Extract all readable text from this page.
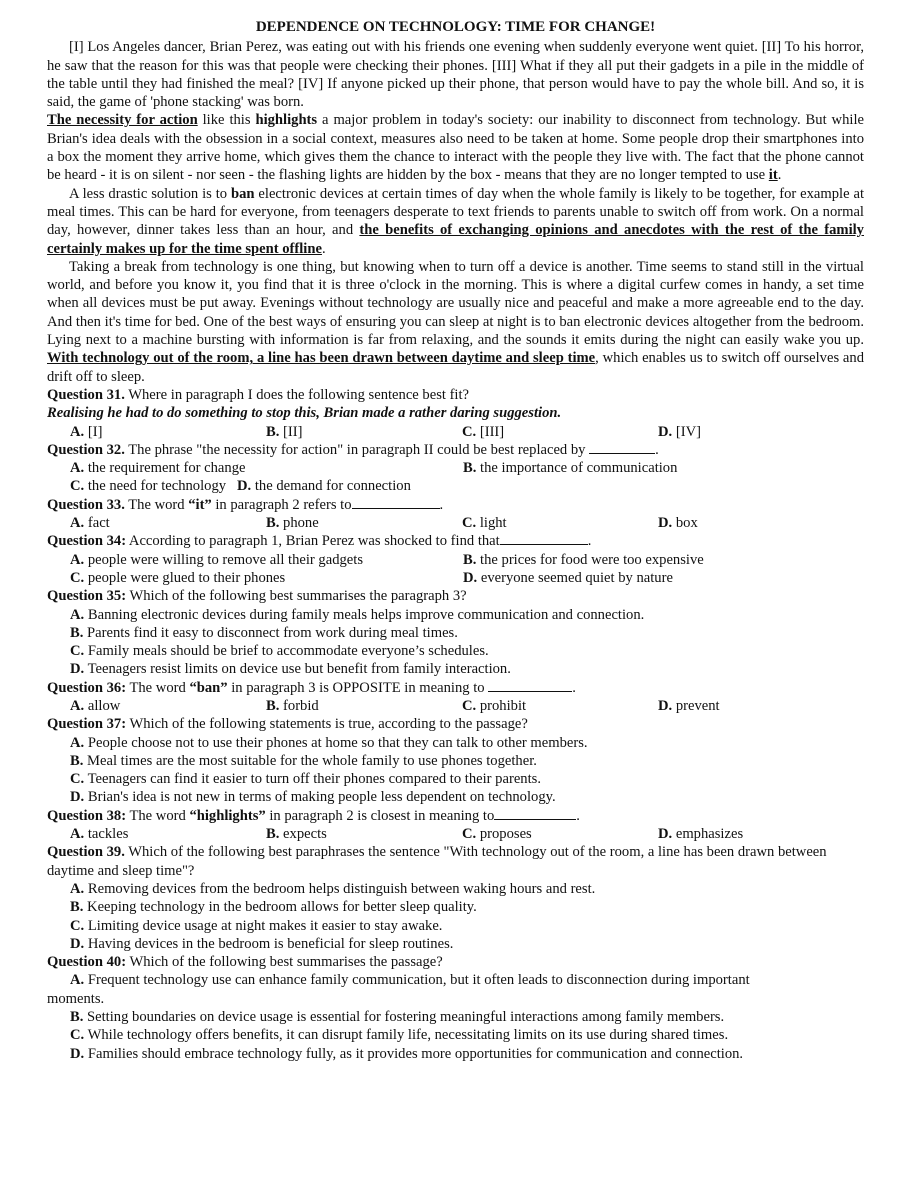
DEPENDENCE ON TECHNOLOGY: TIME FOR CHANGE!

[I] Los Angeles dancer, Brian Perez, was eating out with his friends one evening when suddenly everyone went quiet. [II] To his horror, he saw that the reason for this was that people were checking their phones. [III] What if they all put their gadgets in a pile in the middle of the table until they had finished the meal? [IV] If anyone picked up their phone, that person would have to pay the whole bill. And so, it is said, the game of 'phone stacking' was born.

The necessity for action like this highlights a major problem in today's society: our inability to disconnect from technology. But while Brian's idea deals with the obsession in a social context, measures also need to be taken at home. Some people drop their smartphones into a box the moment they arrive home, which gives them the chance to interact with the people they live with. The fact that the phone cannot be heard - it is on silent - nor seen - the flashing lights are hidden by the box - means that they are no longer tempted to use it.

A less drastic solution is to ban electronic devices at certain times of day when the whole family is likely to be together, for example at meal times. This can be hard for everyone, from teenagers desperate to text friends to parents unable to switch off from work. On a normal day, however, dinner takes less than an hour, and the benefits of exchanging opinions and anecdotes with the rest of the family certainly makes up for the time spent offline.

Taking a break from technology is one thing, but knowing when to turn off a device is another. Time seems to stand still in the virtual world, and before you know it, you find that it is three o'clock in the morning. This is where a digital curfew comes in handy, a set time when all devices must be put away. Evenings without technology are usually nice and peaceful and make a more agreeable end to the day. And then it's time for bed. One of the best ways of ensuring you can sleep at night is to ban electronic devices altogether from the bedroom. Lying next to a machine bursting with information is far from relaxing, and the sounds it emits during the night can easily wake you up. With technology out of the room, a line has been drawn between daytime and sleep time, which enables us to switch off ourselves and drift off to sleep.

Question 31. Where in paragraph I does the following sentence best fit?

Realising he had to do something to stop this, Brian made a rather daring suggestion.

A. [I]	B. [II]	C. [III]	D. [IV]

Question 32. The phrase "the necessity for action" in paragraph II could be best replaced by	.

A. the requirement for change	B. the importance of communication
C. the need for technology D. the demand for connection

Question 33. The word “it” in paragraph 2 refers to	.

A. fact	B. phone	C. light	D. box

Question 34: According to paragraph 1, Brian Perez was shocked to find that	.

A. people were willing to remove all their gadgets	B. the prices for food were too expensive
C. people were glued to their phones	D. everyone seemed quiet by nature

Question 35: Which of the following best summarises the paragraph 3?

A. Banning electronic devices during family meals helps improve communication and connection.
B. Parents find it easy to disconnect from work during meal times.
C. Family meals should be brief to accommodate everyone’s schedules.
D. Teenagers resist limits on device use but benefit from family interaction.

Question 36: The word “ban” in paragraph 3 is OPPOSITE in meaning to	.

A. allow	B. forbid	C. prohibit	D. prevent

Question 37: Which of the following statements is true, according to the passage?

A. People choose not to use their phones at home so that they can talk to other members.
B. Meal times are the most suitable for the whole family to use phones together.
C. Teenagers can find it easier to turn off their phones compared to their parents.
D. Brian's idea is not new in terms of making people less dependent on technology.

Question 38: The word “highlights” in paragraph 2 is closest in meaning to	.

A. tackles	B. expects	C. proposes	D. emphasizes

Question 39. Which of the following best paraphrases the sentence "With technology out of the room, a line has been drawn between daytime and sleep time"?

A. Removing devices from the bedroom helps distinguish between waking hours and rest.
B. Keeping technology in the bedroom allows for better sleep quality.
C. Limiting device usage at night makes it easier to stay awake.
D. Having devices in the bedroom is beneficial for sleep routines.

Question 40: Which of the following best summarises the passage?

A. Frequent technology use can enhance family communication, but it often leads to disconnection during important moments.
B. Setting boundaries on device usage is essential for fostering meaningful interactions among family members.
C. While technology offers benefits, it can disrupt family life, necessitating limits on its use during shared times.
D. Families should embrace technology fully, as it provides more opportunities for communication and connection.
